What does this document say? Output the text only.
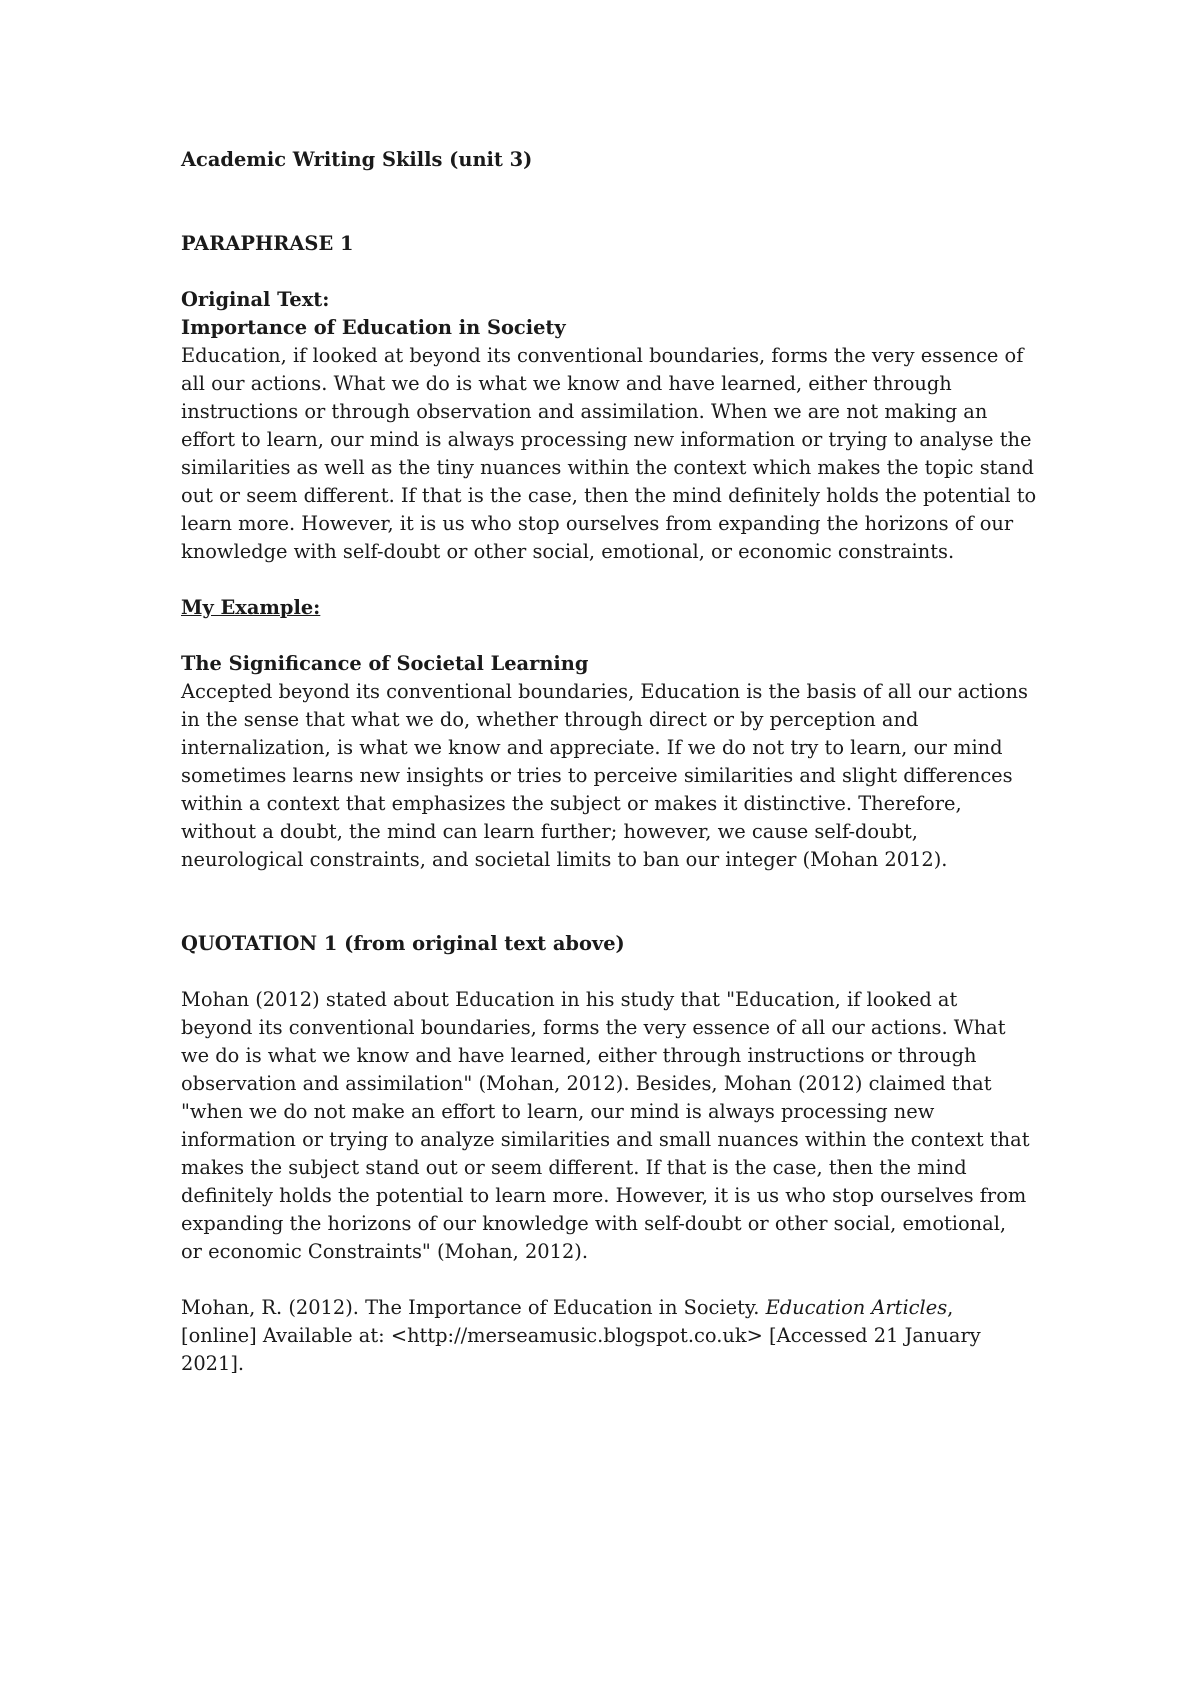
Academic Writing Skills (unit 3)
PARAPHRASE 1
Original Text:
Importance of Education in Society
Education, if looked at beyond its conventional boundaries, forms the very essence of
all our actions. What we do is what we know and have learned, either through
instructions or through observation and assimilation. When we are not making an
effort to learn, our mind is always processing new information or trying to analyse the
similarities as well as the tiny nuances within the context which makes the topic stand
out or seem different. If that is the case, then the mind definitely holds the potential to
learn more. However, it is us who stop ourselves from expanding the horizons of our
knowledge with self-doubt or other social, emotional, or economic constraints.
My Example:
The Significance of Societal Learning
Accepted beyond its conventional boundaries, Education is the basis of all our actions
in the sense that what we do, whether through direct or by perception and
internalization, is what we know and appreciate. If we do not try to learn, our mind
sometimes learns new insights or tries to perceive similarities and slight differences
within a context that emphasizes the subject or makes it distinctive. Therefore,
without a doubt, the mind can learn further; however, we cause self-doubt,
neurological constraints, and societal limits to ban our integer (Mohan 2012).
QUOTATION 1 (from original text above)
Mohan (2012) stated about Education in his study that "Education, if looked at
beyond its conventional boundaries, forms the very essence of all our actions. What
we do is what we know and have learned, either through instructions or through
observation and assimilation" (Mohan, 2012). Besides, Mohan (2012) claimed that
"when we do not make an effort to learn, our mind is always processing new
information or trying to analyze similarities and small nuances within the context that
makes the subject stand out or seem different. If that is the case, then the mind
definitely holds the potential to learn more. However, it is us who stop ourselves from
expanding the horizons of our knowledge with self-doubt or other social, emotional,
or economic Constraints" (Mohan, 2012).
Mohan, R. (2012). The Importance of Education in Society. Education Articles,
[online] Available at: <http://merseamusic.blogspot.co.uk> [Accessed 21 January
2021].
